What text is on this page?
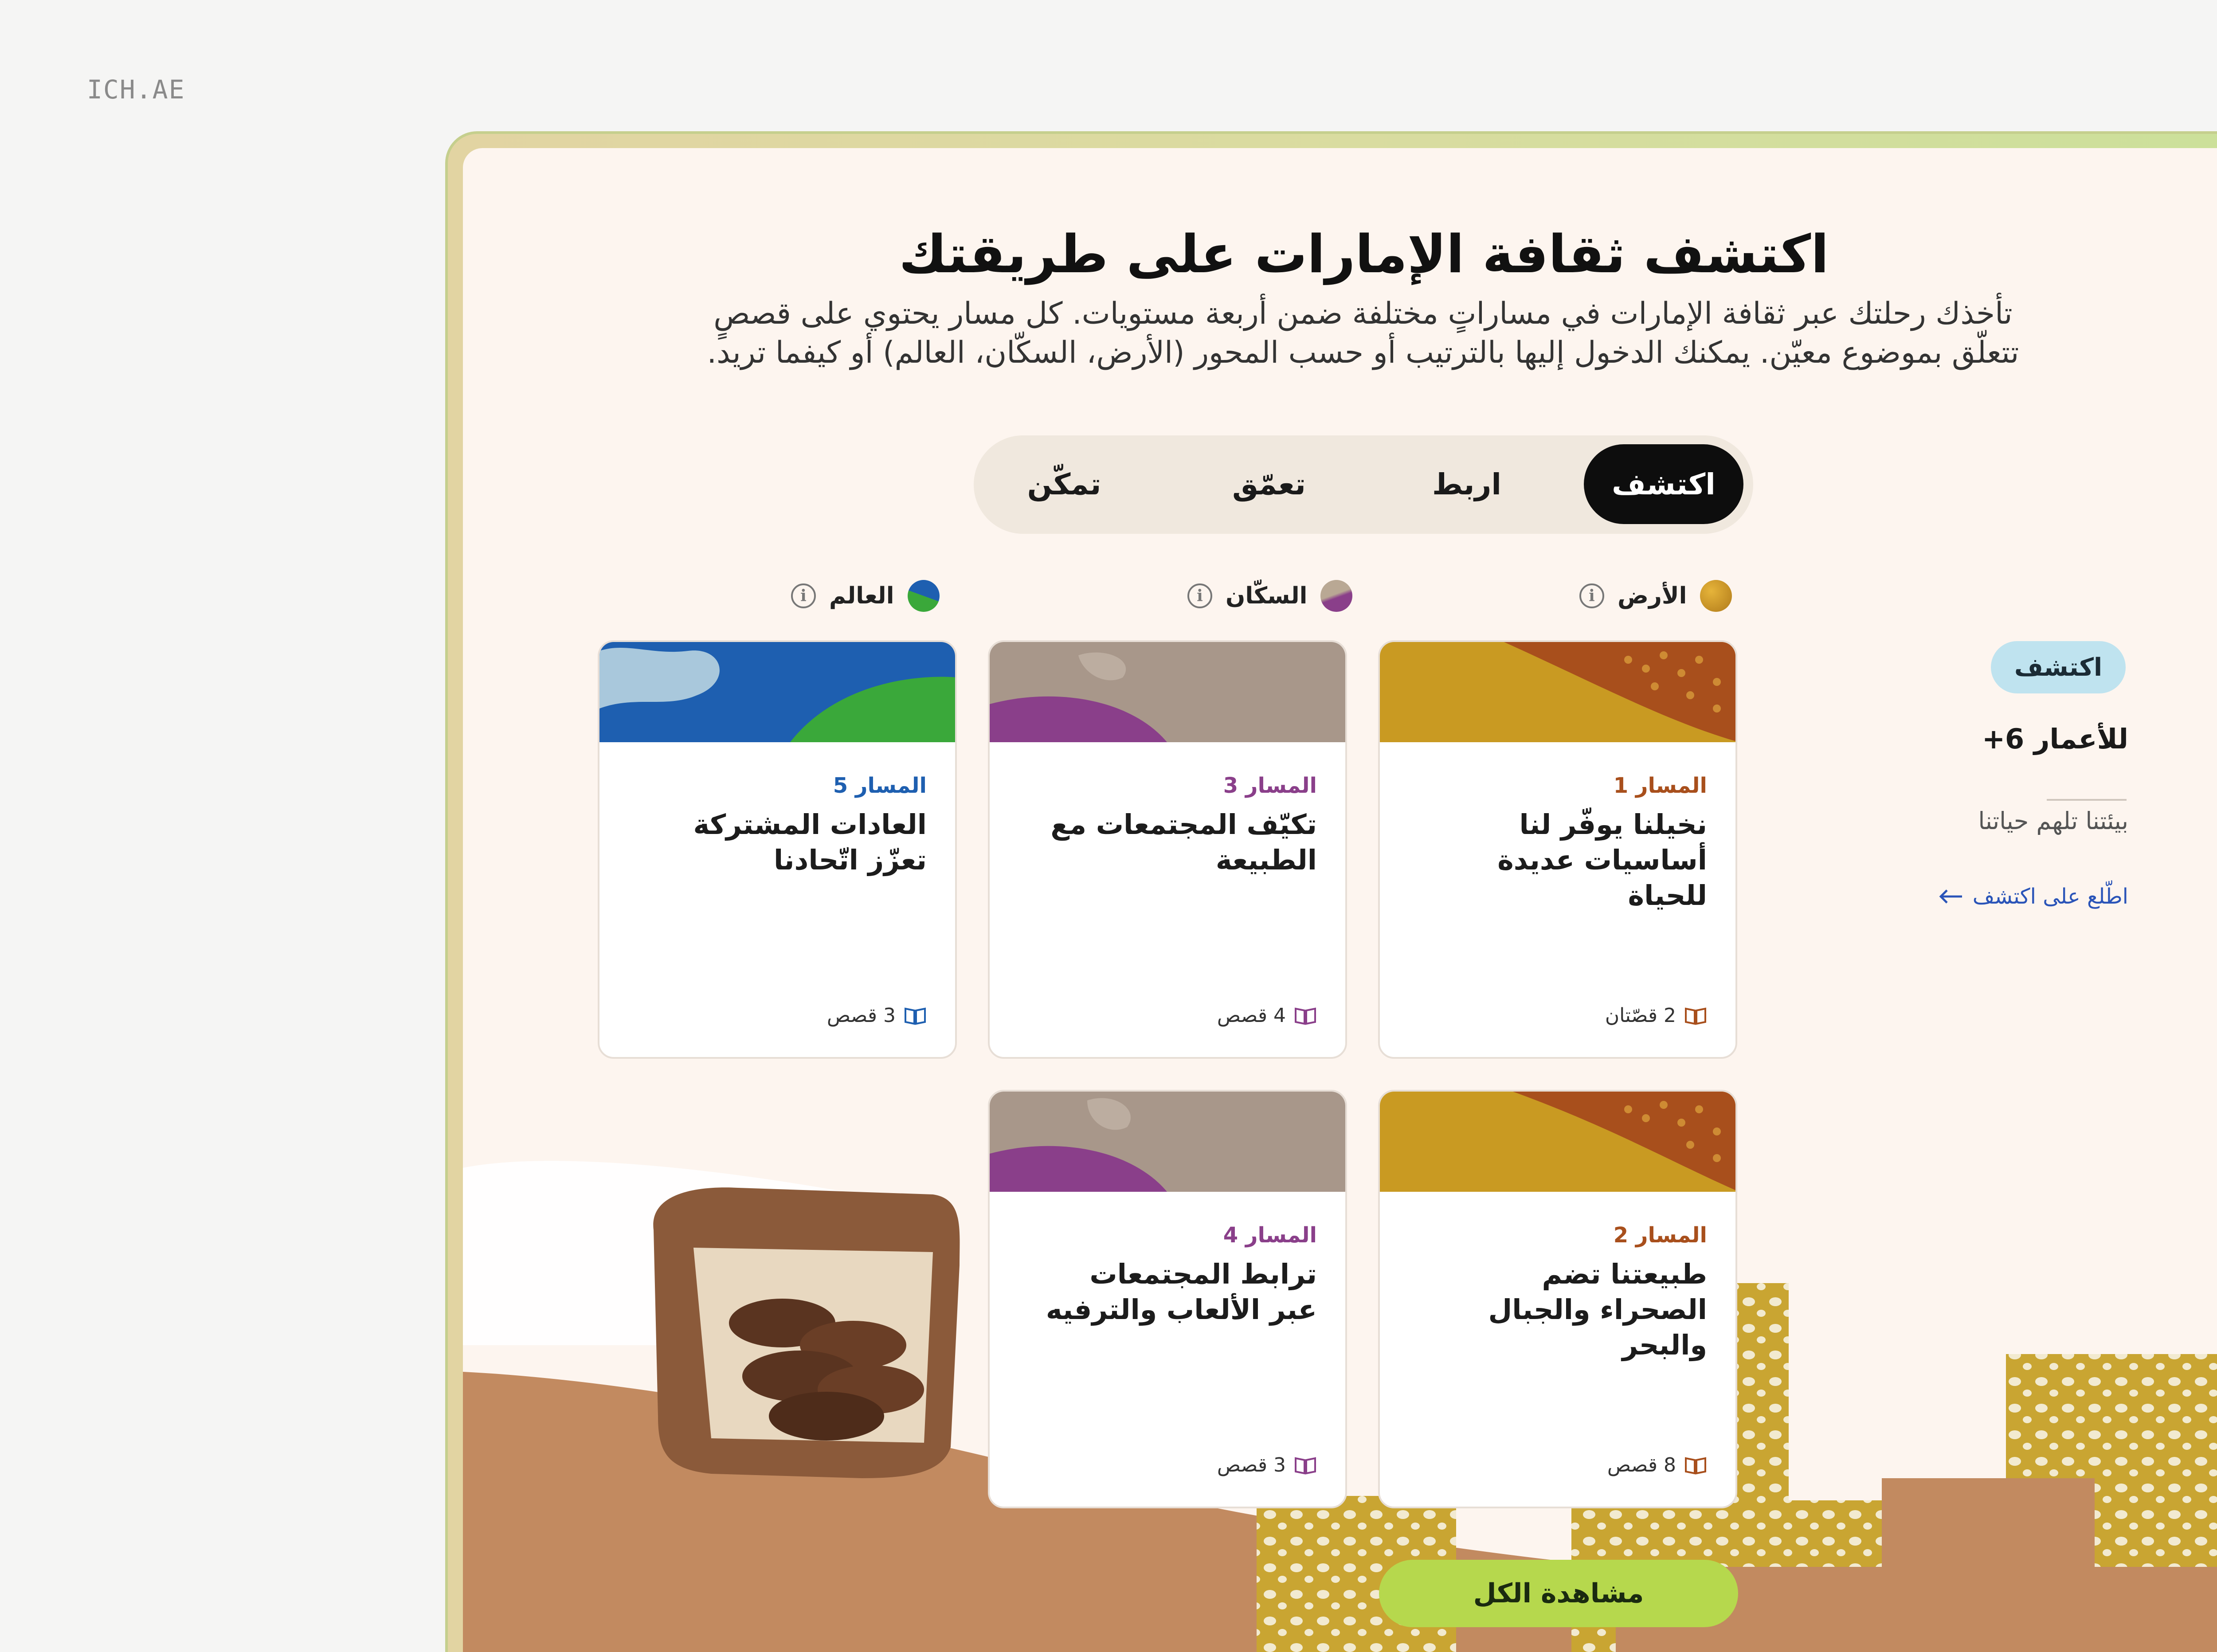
ICH.AE
اكتشف ثقافة الإمارات على طريقتك
تأخذك رحلتك عبر ثقافة الإمارات في مساراتٍ مختلفة ضمن أربعة مستويات. كل مسار يحتوي على قصصٍ
تتعلّق بموضوع معيّن. يمكنك الدخول إليها بالترتيب أو حسب المحور (الأرض، السكّان، العالم) أو كيفما تريد.
اكتشف
اربط
تعمّق
تمكّن
الأرض
i
السكّان
i
العالم
i
المسار 1
نخيلنا يوفّر لنا أساسيات عديدة للحياة
2 قصّتان
المسار 3
تكيّف المجتمعات مع الطبيعة
4 قصص
المسار 5
العادات المشتركة تعزّز اتّحادنا
3 قصص
المسار 2
طبيعتنا تضم الصحراء والجبال والبحر
8 قصص
المسار 4
ترابط المجتمعات عبر الألعاب والترفيه
3 قصص
اكتشف
للأعمار 6+
بيئتنا تلهم حياتنا
اطّلع على اكتشف
مشاهدة الكل
